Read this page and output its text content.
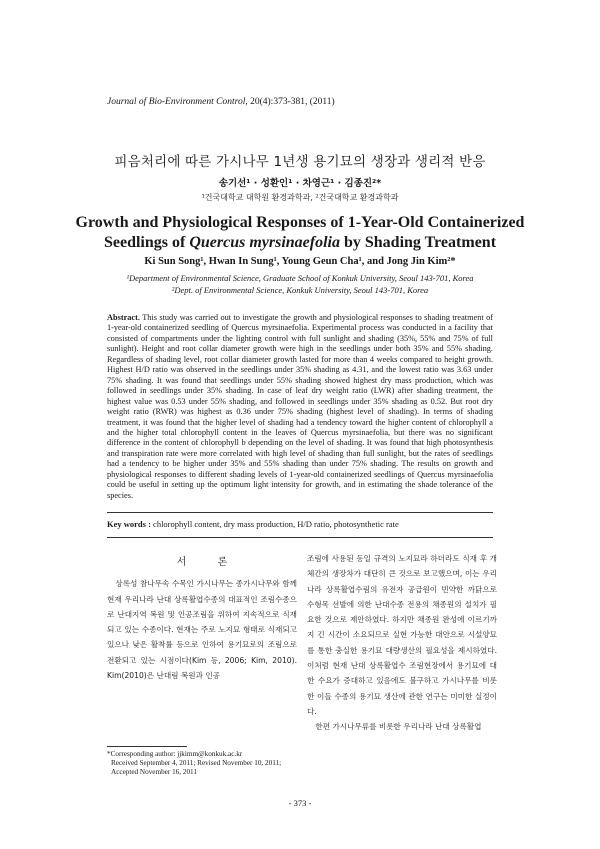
Journal of Bio-Environment Control, 20(4):373-381, (2011)
피음처리에 따른 가시나무 1년생 용기묘의 생장과 생리적 반응
송기선¹ · 성환인¹ · 차영근¹ · 김종진²*
¹건국대학교 대학원 환경과학과, ²건국대학교 환경과학과
Growth and Physiological Responses of 1-Year-Old Containerized
Seedlings of Quercus myrsinaefolia by Shading Treatment
Ki Sun Song¹, Hwan In Sung¹, Young Geun Cha¹, and Jong Jin Kim²*
¹Department of Environmental Science, Graduate School of Konkuk University, Seoul 143-701, Korea
²Dept. of Environmental Science, Konkuk University, Seoul 143-701, Korea
Abstract. This study was carried out to investigate the growth and physiological responses to shading treatment of 1-year-old containerized seedling of Quercus myrsinaefolia. Experimental process was conducted in a facility that consisted of compartments under the lighting control with full sunlight and shading (35%, 55% and 75% of full sunlight). Height and root collar diameter growth were high in the seedlings under both 35% and 55% shading. Regardless of shading level, root collar diameter growth lasted for more than 4 weeks compared to height growth. Highest H/D ratio was observed in the seedlings under 35% shading as 4.31, and the lowest ratio was 3.63 under 75% shading. It was found that seedlings under 55% shading showed highest dry mass production, which was followed in seedlings under 35% shading. In case of leaf dry weight ratio (LWR) after shading treatment, the highest value was 0.53 under 55% shading, and followed in seedlings under 35% shading as 0.52. But root dry weight ratio (RWR) was highest as 0.36 under 75% shading (highest level of shading). In terms of shading treatment, it was found that the higher level of shading had a tendency toward the higher content of chlorophyll a and the higher total chlorophyll content in the leaves of Quercus myrsinaefolia, but there was no significant difference in the content of chlorophyll b depending on the level of shading. It was found that high photosynthesis and transpiration rate were more correlated with high level of shading than full sunlight, but the rates of seedlings had a tendency to be higher under 35% and 55% shading than under 75% shading. The results on growth and physiological responses to different shading levels of 1-year-old containerized seedlings of Quercus myrsinaefolia could be useful in setting up the optimum light intensity for growth, and in estimating the shade tolerance of the species.
Key words : chlorophyll content, dry mass production, H/D ratio, photosynthetic rate
서 론

상록성 참나무속 수목인 가시나무는 종가시나무와 함께 현재 우리나라 난대 상록활엽수종의 대표적인 조림수종으로 난대지역 복원 및 인공조림을 위하여 지속적으로 식재되고 있는 수종이다. 현재는 주로 노지묘 형태로 식재되고 있으나 낮은 활착률 등으로 인하여 용기묘로의 조림으로 전환되고 있는 시점이다(Kim 등, 2006; Kim, 2010). Kim(2010)은 난대림 복원과 인공

조림에 사용된 동일 규격의 노지묘라 하더라도 식재 후 개체간의 생장차가 대단히 큰 것으로 보고했으며, 이는 우리나라 상록활엽수림의 유전자 공급원이 빈약한 까닭으로 수형목 선발에 의한 난대수종 전용의 채종원의 설치가 필요한 것으로 제안하였다. 하지만 채종원 완성에 이르기까지 긴 시간이 소요되므로 실현 가능한 대안으로 시설양묘를 통한 충실한 용기묘 대량생산의 필요성을 제시하였다. 이처럼 현재 난대 상록활엽수 조림현장에서 용기묘에 대한 수요가 증대하고 있음에도 불구하고 가시나무를 비롯한 이들 수종의 용기묘 생산에 관한 연구는 미미한 실정이다.

한편 가시나무류를 비롯한 우리나라 난대 상록활엽

*Corresponding author: jjkimm@konkuk.ac.kr
Received September 4, 2011; Revised November 10, 2011;
Accepted November 16, 2011
- 373 -
